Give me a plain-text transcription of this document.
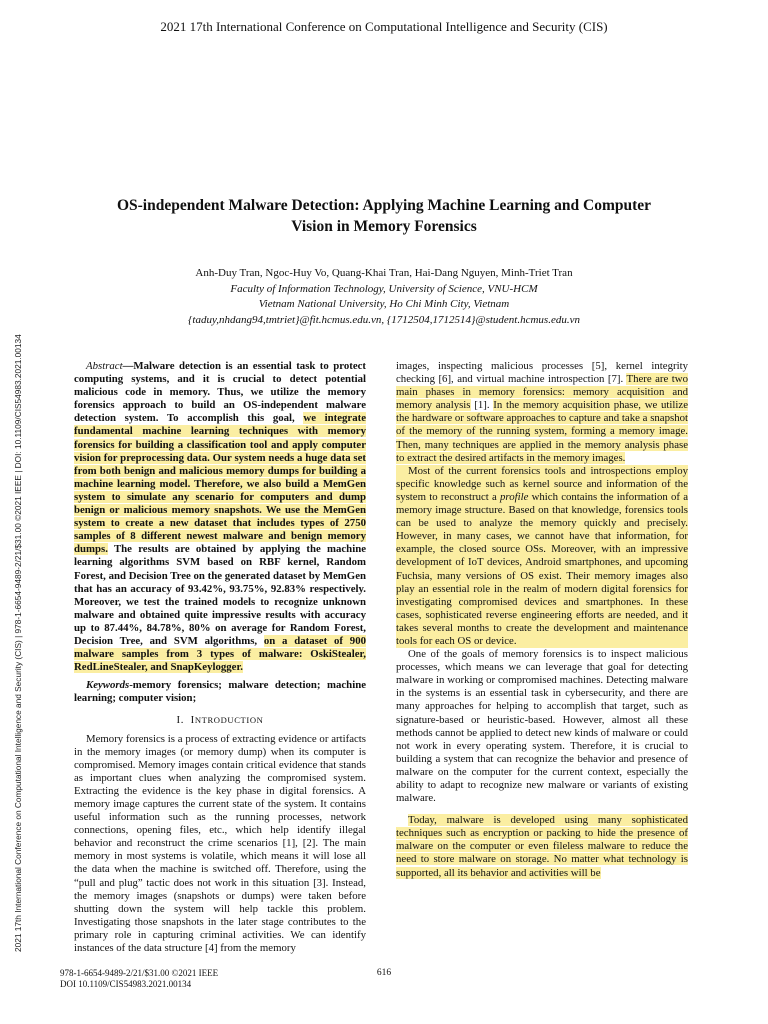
2021 17th International Conference on Computational Intelligence and Security (CIS)
OS-independent Malware Detection: Applying Machine Learning and Computer Vision in Memory Forensics
Anh-Duy Tran, Ngoc-Huy Vo, Quang-Khai Tran, Hai-Dang Nguyen, Minh-Triet Tran

Faculty of Information Technology, University of Science, VNU-HCM
Vietnam National University, Ho Chi Minh City, Vietnam
{taduy,nhdang94,tmtriet}@fit.hcmus.edu.vn, {1712504,1712514}@student.hcmus.edu.vn
2021 17th International Conference on Computational Intelligence and Security (CIS) | 978-1-6654-9489-2/21/$31.00 ©2021 IEEE | DOI: 10.1109/CIS54983.2021.00134	Abstract—Malware detection is an essential task to protect computing systems, and it is crucial to detect potential malicious code in memory. Thus, we utilize the memory forensics approach to build an OS-independent malware detection system. To accomplish this goal, we integrate fundamental machine learning techniques with memory forensics for building a classification tool and apply computer vision for preprocessing data. Our system needs a huge data set from both benign and malicious memory dumps for building a machine learning model. Therefore, we also build a MemGen system to simulate any scenario for computers and dump benign or malicious memory snapshots. We use the MemGen system to create a new dataset that includes types of 2750 samples of 8 different newest malware and benign memory dumps. The results are obtained by applying the machine learning algorithms SVM based on RBF kernel, Random Forest, and Decision Tree on the generated dataset by MemGen that has an accuracy of 93.42%, 93.75%, 92.83% respectively. Moreover, we test the trained models to recognize unknown malware and obtained quite impressive results with accuracy up to 87.44%, 84.78%, 80% on average for Random Forest, Decision Tree, and SVM algorithms, on a dataset of 900 malware samples from 3 types of malware: OskiStealer, RedLineStealer, and SnapKeylogger.

Keywords-memory forensics; malware detection; machine learning; computer vision;

I. INTRODUCTION

Memory forensics is a process of extracting evidence or artifacts in the memory images (or memory dump) when its computer is compromised. Memory images contain critical evidence that stands as important clues when analyzing the compromised system. Extracting the evidence is the key phase in digital forensics. A memory image captures the current state of the system. It contains useful information such as the running processes, network connections, opening files, etc., which help identify illegal behavior and reconstruct the crime scenarios [1], [2]. The main memory in most systems is volatile, which means it will lose all the data when the machine is switched off. Therefore, using the “pull and plug” tactic does not work in this situation [3]. Instead, the memory images (snapshots or dumps) were taken before shutting down the system will help tackle this problem. Investigating those snapshots in the later stage contributes to the primary role in capturing criminal activities. We can identify instances of the data structure [4] from the memory

images, inspecting malicious processes [5], kernel integrity checking [6], and virtual machine introspection [7]. There are two main phases in memory forensics: memory acquisition and memory analysis [1]. In the memory acquisition phase, we utilize the hardware or software approaches to capture and take a snapshot of the memory of the running system, forming a memory image. Then, many techniques are applied in the memory analysis phase to extract the desired artifacts in the memory images.

Most of the current forensics tools and introspections employ specific knowledge such as kernel source and information of the system to reconstruct a profile which contains the information of a memory image structure. Based on that knowledge, forensics tools can be used to analyze the memory quickly and precisely. However, in many cases, we cannot have that information, for example, the closed source OSs. Moreover, with an impressive development of IoT devices, Android smartphones, and upcoming Fuchsia, many versions of OS exist. Their memory images also play an essential role in the realm of modern digital forensics for investigating compromised devices and smartphones. In these cases, sophisticated reverse engineering efforts are needed, and it takes several months to create the development and maintenance tools for each OS or device.

One of the goals of memory forensics is to inspect malicious processes, which means we can leverage that goal for detecting malware in working or compromised machines. Detecting malware in the systems is an essential task in cybersecurity, and there are many approaches for helping to accomplish that target, such as signature-based or heuristic-based. However, almost all these methods cannot be applied to detect new kinds of malware or could not work in every operating system. Therefore, it is crucial to building a system that can recognize the behavior and presence of malware on the computer for the current context, especially the ability to adapt to recognize new malware or variants of existing malware.

Today, malware is developed using many sophisticated techniques such as encryption or packing to hide the presence of malware on the computer or even fileless malware to reduce the need to store malware on storage. No matter what technology is supported, all its behavior and activities will be

978-1-6654-9489-2/21/$31.00 ©2021 IEEE
DOI 10.1109/CIS54983.2021.00134
616
